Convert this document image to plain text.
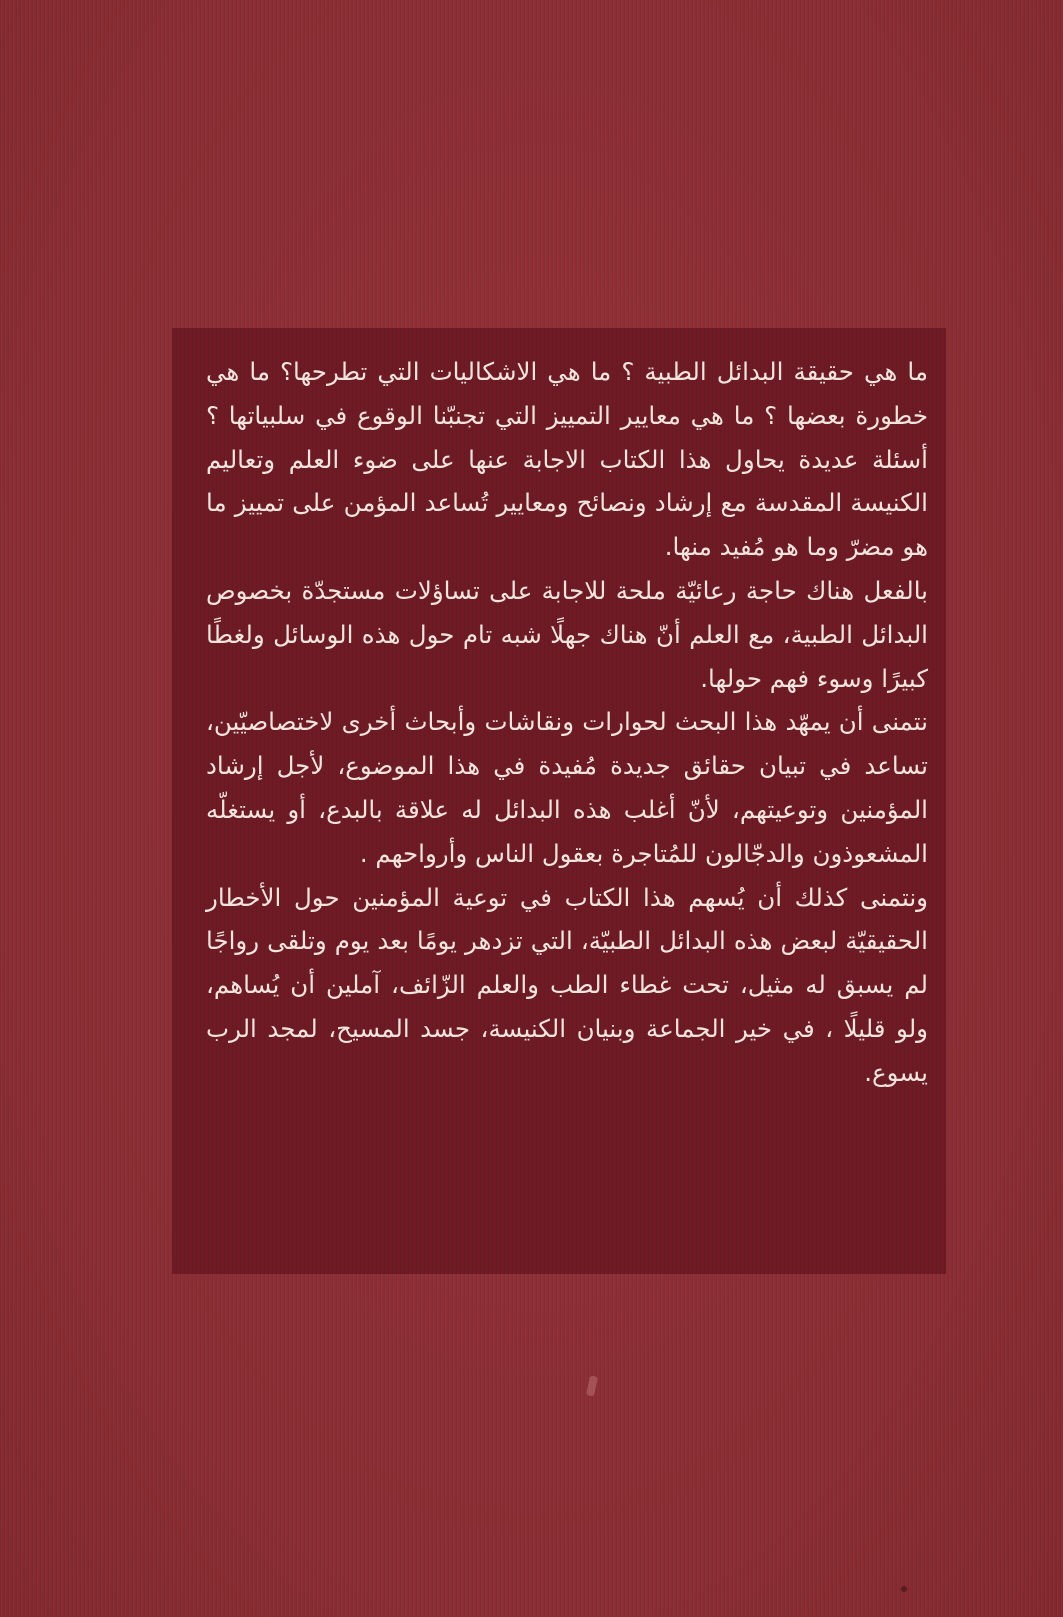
ما هي حقيقة البدائل الطبية ؟ ما هي الاشكاليات التي تطرحها؟ ما هي خطورة بعضها ؟ ما هي معايير التمييز التي تجنبّنا الوقوع في سلبياتها ؟ أسئلة عديدة يحاول هذا الكتاب الاجابة عنها على ضوء العلم وتعاليم الكنيسة المقدسة مع إرشاد ونصائح ومعايير تُساعد المؤمن على تمييز ما هو مضرّ وما هو مُفيد منها.

بالفعل هناك حاجة رعائيّة ملحة للاجابة على تساؤلات مستجدّة بخصوص البدائل الطبية، مع العلم أنّ هناك جهلًا شبه تام حول هذه الوسائل ولغطًا كبيرًا وسوء فهم حولها.

نتمنى أن يمهّد هذا البحث لحوارات ونقاشات وأبحاث أخرى لاختصاصيّين، تساعد في تبيان حقائق جديدة مُفيدة في هذا الموضوع، لأجل إرشاد المؤمنين وتوعيتهم، لأنّ أغلب هذه البدائل له علاقة بالبدع، أو يستغلّه المشعوذون والدجّالون للمُتاجرة بعقول الناس وأرواحهم .

ونتمنى كذلك أن يُسهم هذا الكتاب في توعية المؤمنين حول الأخطار الحقيقيّة لبعض هذه البدائل الطبيّة، التي تزدهر يومًا بعد يوم وتلقى رواجًا لم يسبق له مثيل، تحت غطاء الطب والعلم الزّائف، آملين أن يُساهم، ولو قليلًا ، في خير الجماعة وبنيان الكنيسة، جسد المسيح، لمجد الرب يسوع.
